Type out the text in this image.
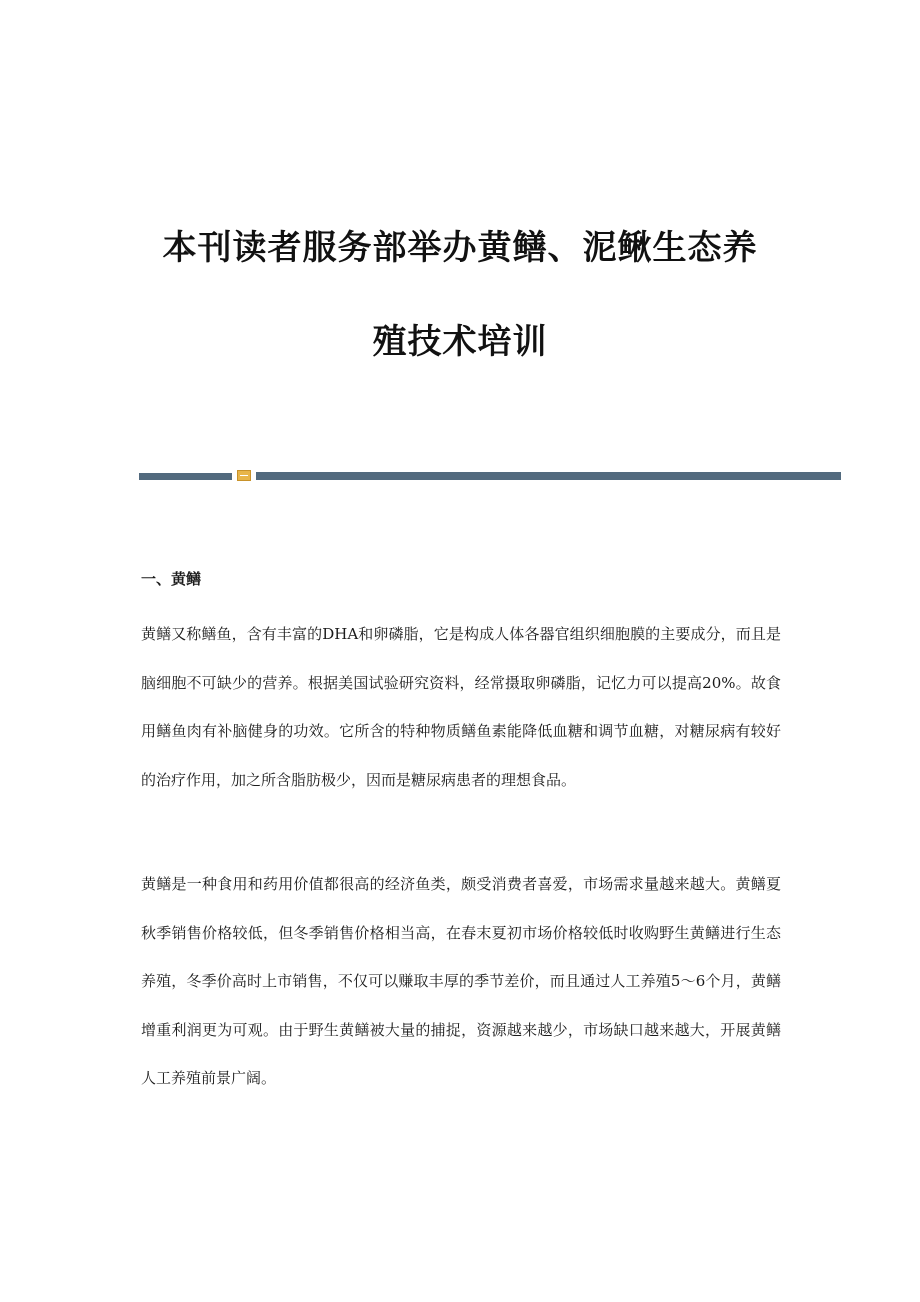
本刊读者服务部举办黄鳝、泥鳅生态养
殖技术培训
一、黄鳝

黄鳝又称鳝鱼，含有丰富的DHA和卵磷脂，它是构成人体各器官组织细胞膜的主要成分，而且是脑细胞不可缺少的营养。根据美国试验研究资料，经常摄取卵磷脂，记忆力可以提高20%。故食用鳝鱼肉有补脑健身的功效。它所含的特种物质鳝鱼素能降低血糖和调节血糖，对糖尿病有较好的治疗作用，加之所含脂肪极少，因而是糖尿病患者的理想食品。

黄鳝是一种食用和药用价值都很高的经济鱼类，颇受消费者喜爱，市场需求量越来越大。黄鳝夏秋季销售价格较低，但冬季销售价格相当高，在春末夏初市场价格较低时收购野生黄鳝进行生态养殖，冬季价高时上市销售，不仅可以赚取丰厚的季节差价，而且通过人工养殖5～6个月，黄鳝增重利润更为可观。由于野生黄鳝被大量的捕捉，资源越来越少，市场缺口越来越大，开展黄鳝人工养殖前景广阔。
